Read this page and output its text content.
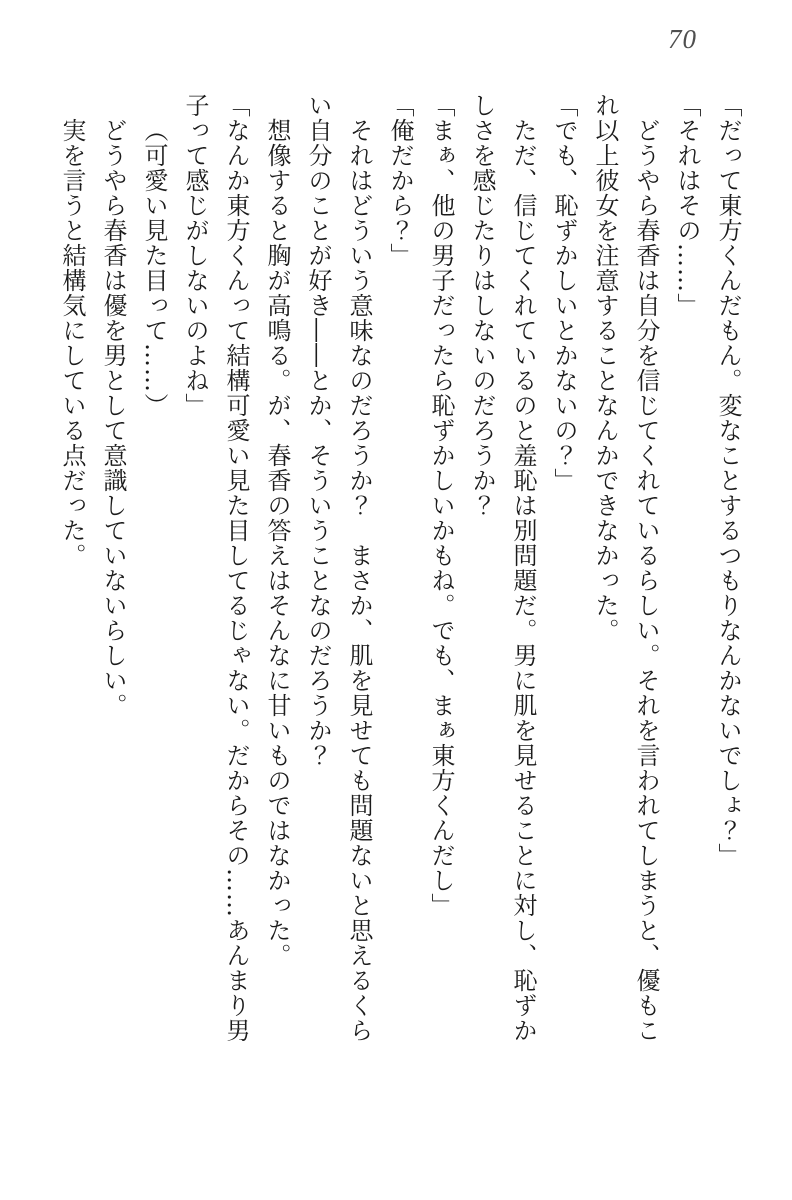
70

「だって東方くんだもん。変なことするつもりなんかないでしょ？」

「それはその……」

どうやら春香は自分を信じてくれているらしい。それを言われてしまうと、優もこ

れ以上彼女を注意することなんかできなかった。

「でも、恥ずかしいとかないの？」

ただ、信じてくれているのと羞恥は別問題だ。男に肌を見せることに対し、恥ずか

しさを感じたりはしないのだろうか？

「まぁ、他の男子だったら恥ずかしいかもね。でも、まぁ東方くんだし」

「俺だから？」

それはどういう意味なのだろうか？　まさか、肌を見せても問題ないと思えるくら

い自分のことが好き――とか、そういうことなのだろうか？

想像すると胸が高鳴る。が、春香の答えはそんなに甘いものではなかった。

「なんか東方くんって結構可愛い見た目してるじゃない。だからその……あんまり男

子って感じがしないのよね」

（可愛い見た目って……）

どうやら春香は優を男として意識していないらしい。

実を言うと結構気にしている点だった。
